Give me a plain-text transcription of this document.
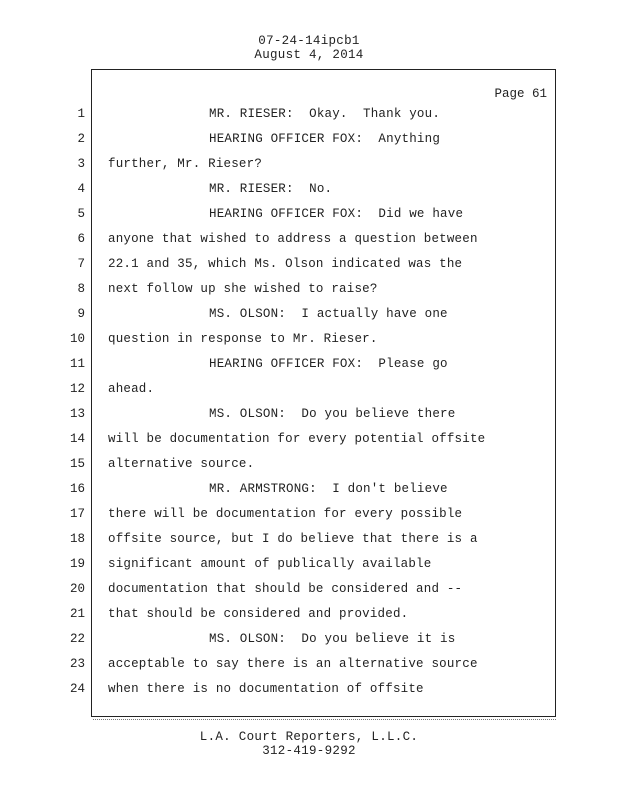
07-24-14ipcb1
August 4, 2014
Page 61
1
2
3
4
5
6
7
8
9
10
11
12
13
14
15
16
17
18
19
20
21
22
23
24
MR. RIESER:  Okay.  Thank you.
HEARING OFFICER FOX:  Anything
further, Mr. Rieser?
MR. RIESER:  No.
HEARING OFFICER FOX:  Did we have
anyone that wished to address a question between
22.1 and 35, which Ms. Olson indicated was the
next follow up she wished to raise?
MS. OLSON:  I actually have one
question in response to Mr. Rieser.
HEARING OFFICER FOX:  Please go
ahead.
MS. OLSON:  Do you believe there
will be documentation for every potential offsite
alternative source.
MR. ARMSTRONG:  I don't believe
there will be documentation for every possible
offsite source, but I do believe that there is a
significant amount of publically available
documentation that should be considered and --
that should be considered and provided.
MS. OLSON:  Do you believe it is
acceptable to say there is an alternative source
when there is no documentation of offsite
L.A. Court Reporters, L.L.C.
312-419-9292
